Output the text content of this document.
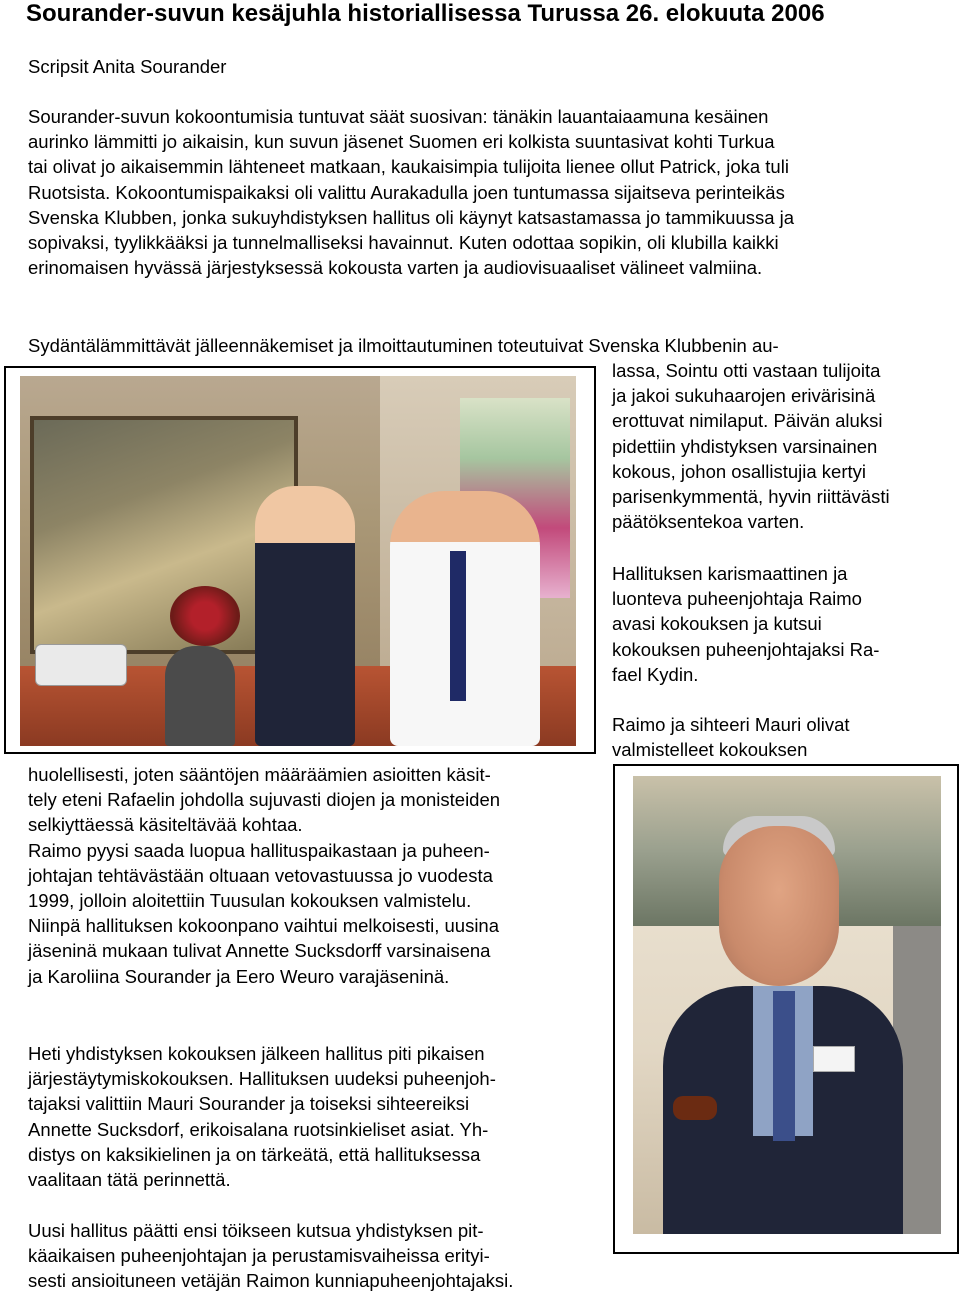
Sourander-suvun kesäjuhla historiallisessa Turussa 26. elokuuta 2006
Scripsit Anita Sourander
Sourander-suvun kokoontumisia tuntuvat säät suosivan: tänäkin lauantaiaamuna kesäinen
aurinko lämmitti jo aikaisin, kun suvun jäsenet Suomen eri kolkista suuntasivat kohti Turkua
tai olivat jo aikaisemmin lähteneet matkaan, kaukaisimpia tulijoita lienee ollut Patrick, joka tuli
Ruotsista. Kokoontumispaikaksi oli valittu Aurakadulla joen tuntumassa sijaitseva perinteikäs
Svenska Klubben, jonka sukuyhdistyksen hallitus oli käynyt katsastamassa jo tammikuussa ja
sopivaksi, tyylikkääksi ja tunnelmalliseksi havainnut. Kuten odottaa sopikin, oli klubilla kaikki
erinomaisen hyvässä järjestyksessä kokousta varten ja audiovisuaaliset välineet valmiina.
Sydäntälämmittävät jälleennäkemiset ja ilmoittautuminen toteutuivat Svenska Klubbenin au-
lassa, Sointu otti vastaan tulijoita
ja jakoi sukuhaarojen erivärisinä
erottuvat nimilaput. Päivän aluksi
pidettiin yhdistyksen varsinainen
kokous, johon osallistujia kertyi
parisenkymmentä, hyvin riittävästi
päätöksentekoa varten.
Hallituksen karismaattinen ja
luonteva puheenjohtaja Raimo
avasi kokouksen ja kutsui
kokouksen puheenjohtajaksi Ra-
fael Kydin.
Raimo ja sihteeri Mauri olivat
valmistelleet kokouksen
huolellisesti, joten sääntöjen määräämien asioitten käsit-
tely eteni Rafaelin johdolla sujuvasti diojen ja monisteiden
selkiyttäessä käsiteltävää kohtaa.
Raimo pyysi saada luopua hallituspaikastaan ja puheen-
johtajan tehtävästään oltuaan vetovastuussa jo vuodesta
1999, jolloin aloitettiin Tuusulan kokouksen valmistelu.
Niinpä hallituksen kokoonpano vaihtui melkoisesti, uusina
jäseninä mukaan tulivat Annette Sucksdorff varsinaisena
ja Karoliina Sourander ja Eero Weuro varajäseninä.
Heti yhdistyksen kokouksen jälkeen hallitus piti pikaisen
järjestäytymiskokouksen. Hallituksen uudeksi puheenjoh-
tajaksi valittiin Mauri Sourander ja toiseksi sihteereiksi
Annette Sucksdorf, erikoisalana ruotsinkieliset asiat. Yh-
distys on kaksikielinen ja on tärkeätä, että hallituksessa
vaalitaan tätä perinnettä.
Uusi hallitus päätti ensi töikseen kutsua yhdistyksen pit-
käaikaisen puheenjohtajan ja perustamisvaiheissa erityi-
sesti ansioituneen vetäjän Raimon kunniapuheenjohtajaksi.
